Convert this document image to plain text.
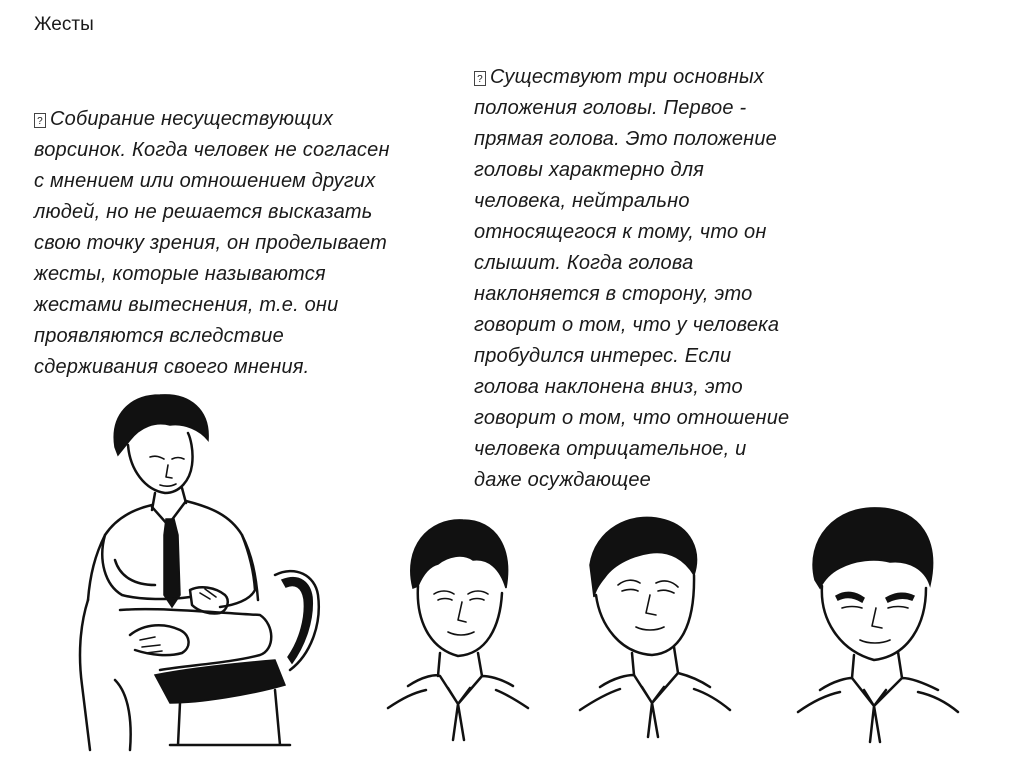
Жесты
? Собирание несуществующих
ворсинок. Когда человек не согласен
с мнением или отношением других
людей, но не решается высказать
свою точку зрения, он проделывает
жесты, которые называются
жестами вытеснения, т.е. они
проявляются вследствие
сдерживания своего мнения.
? Существуют три основных
положения головы. Первое -
прямая голова. Это положение
головы характерно для
человека, нейтрально
относящегося к тому, что он
слышит. Когда голова
наклоняется в сторону, это
говорит о том, что у человека
пробудился интерес. Если
голова наклонена вниз, это
говорит о том, что отношение
человека отрицательное, и
даже осуждающее
